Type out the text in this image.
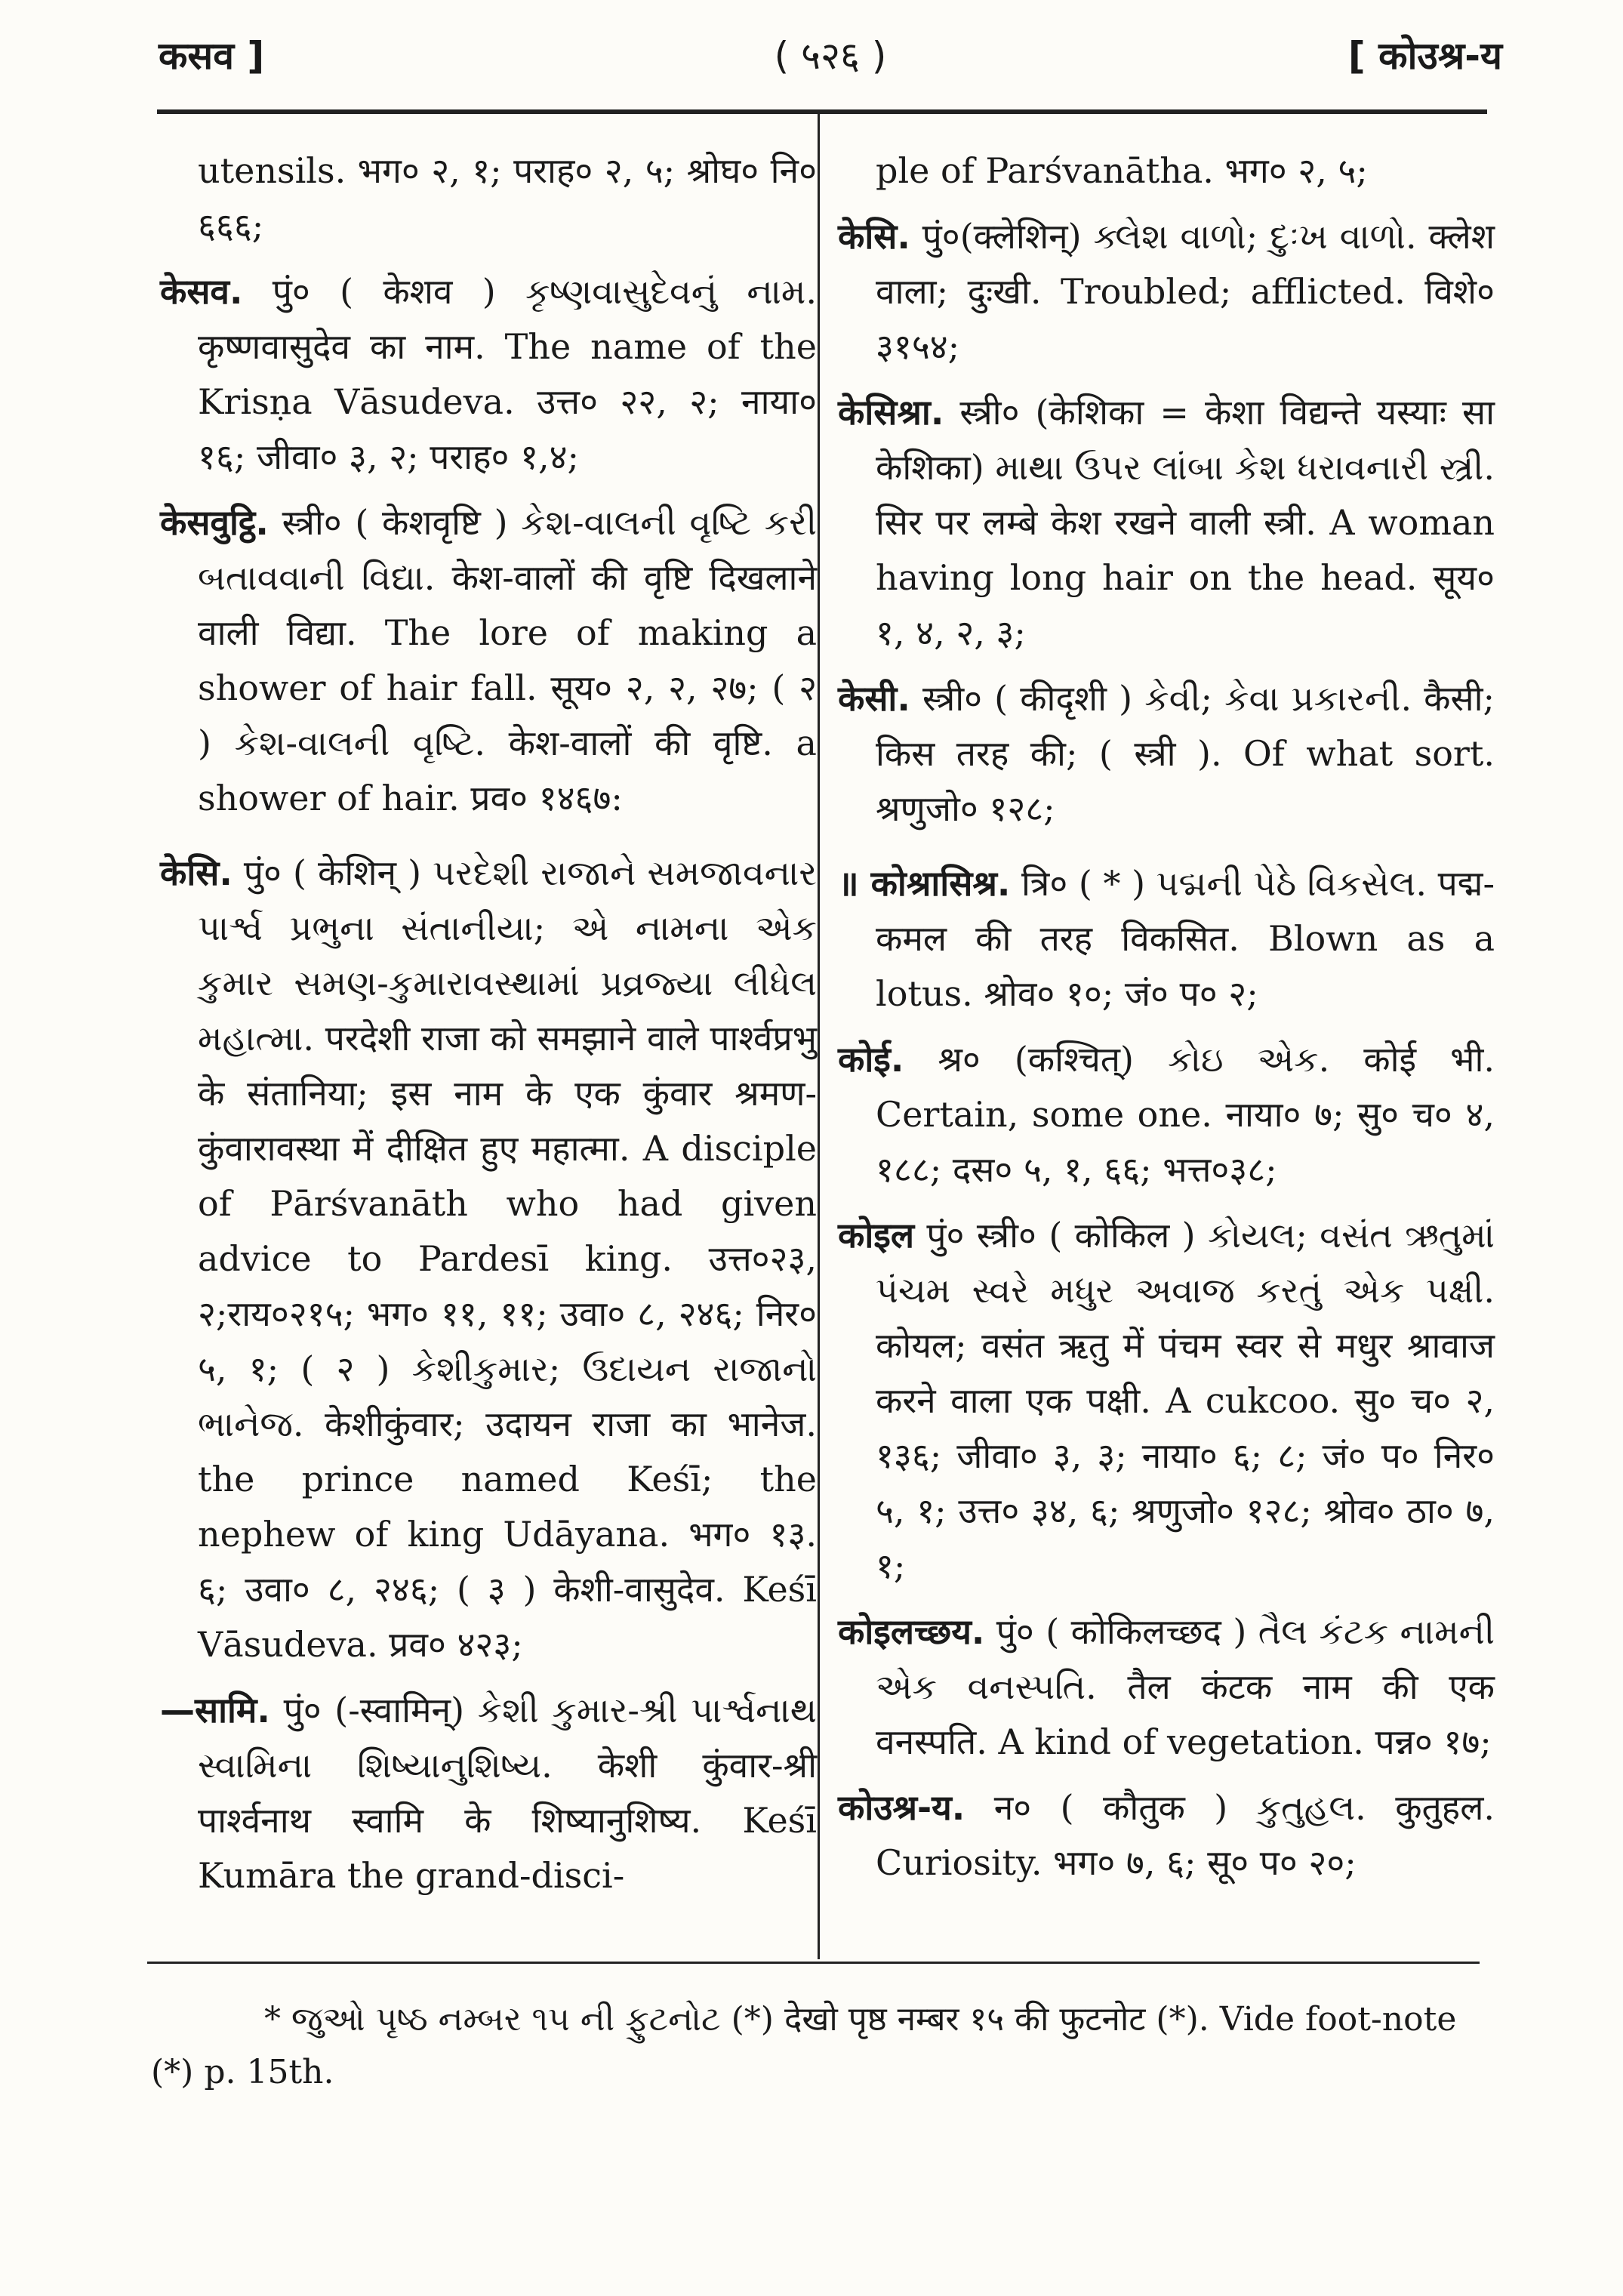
कसव ]	( ५२६ )	[ कोउश्र-य

utensils. भग० २, १; पराह० २, ५; श्रोघ० नि० ६६६;

केसव. पुं० ( केशव ) કૃષ્ણવાસુદેવનું નામ. कृष्णवासुदेव का नाम. The name of the Krisṇa Vāsudeva. उत्त० २२, २; नाया० १६; जीवा० ३, २; पराह० १,४;

केसवुट्ठि. स्त्री० ( केशवृष्टि ) કેશ-વાલની વૃષ્ટિ કરી બતાવવાની વિદ્યા. केश-वालों की वृष्टि दिखलाने वाली विद्या. The lore of making a shower of hair fall. सूय० २, २, २७; ( २ ) કેશ-વાલની વૃષ્ટિ. केश-वालों की वृष्टि. a shower of hair. प्रव० १४६७:

केसि. पुं० ( केशिन् ) પરદેશી રાજાને સમજાવનાર પાર્શ્વ પ્રભુના સંતાનીયા; એ નામના એક કુમાર સમણ-કુમારાવસ્થામાં પ્રવ્રજ્યા લીધેલ મહાત્મા. परदेशी राजा को समझाने वाले पार्श्वप्रभु के संतानिया; इस नाम के एक कुंवार श्रमण-कुंवारावस्था में दीक्षित हुए महात्मा. A disciple of Pārśvanāth who had given advice to Pardesī king. उत्त०२३, २;राय०२१५; भग० ११, ११; उवा० ८, २४६; निर० ५, १; ( २ ) કેશીકુમાર; ઉદાયન રાજાનો ભાનેજ. केशीकुंवार; उदायन राजा का भानेज. the prince named Keśī; the nephew of king Udāyana. भग० १३. ६; उवा० ८, २४६; ( ३ ) केशी-वासुदेव. Keśī Vāsudeva. प्रव० ४२३;

—सामि. पुं० (-स्वामिन्) કેશી કુમાર-શ્રી પાર્શ્વનાથ સ્વામિના શિષ્યાનુશિષ્ય. केशी कुंवार-श्री पार्श्वनाथ स्वामि के शिष्यानुशिष्य. Keśī Kumāra the grand-disci-

ple of Parśvanātha. भग० २, ५;

केसि. पुं०(क्लेशिन्) ક્લેશ વાળો; દુઃખ વાળો. क्लेश वाला; दुःखी. Troubled; afflicted. विशे० ३१५४;

केसिश्रा. स्त्री० (केशिका = केशा विद्यन्ते यस्याः सा केशिका) માથા ઉપર લાંબા કેશ ધરાવનારી સ્ત્રી. सिर पर लम्बे केश रखने वाली स्त्री. A woman having long hair on the head. सूय० १, ४, २, ३;

केसी. स्त्री० ( कीदृशी ) કેવી; કેવા પ્રકારની. कैसी; किस तरह की; ( स्त्री ). Of what sort. श्रणुजो० १२८;

॥ कोश्रासिश्र. त्रि० ( * ) પદ્મની પેઠે વિકસેલ. पद्म-कमल की तरह विकसित. Blown as a lotus. श्रोव० १०; जं० प० २;

कोई. श्र० (कश्चित्) કોઇ એક. कोई भी. Certain, some one. नाया० ७; सु० च० ४, १८८; दस० ५, १, ६६; भत्त०३८;

कोइल पुं० स्त्री० ( कोकिल ) કોયલ; વસંત ઋતુમાં પંચમ સ્વરે મધુર અવાજ કરતું એક પક્ષી. कोयल; वसंत ऋतु में पंचम स्वर से मधुर श्रावाज करने वाला एक पक्षी. A cukcoo. सु० च० २, १३६; जीवा० ३, ३; नाया० ६; ८; जं० प० निर० ५, १; उत्त० ३४, ६; श्रणुजो० १२८; श्रोव० ठा० ७, १;

कोइलच्छय. पुं० ( कोकिलच्छद ) તૈલ કંટક નામની એક વનસ્પતિ. तैल कंटक नाम की एक वनस्पति. A kind of vegetation. पन्न० १७;

कोउश्र-य. न० ( कौतुक ) કુતુહલ. कुतुहल. Curiosity. भग० ७, ६; सू० प० २०;

* જુઓ પૃષ્ઠ નમ્બર ૧૫ ની ફુટનોટ (*) देखो पृष्ठ नम्बर १५ की फुटनोट (*). Vide foot-note (*) p. 15th.
